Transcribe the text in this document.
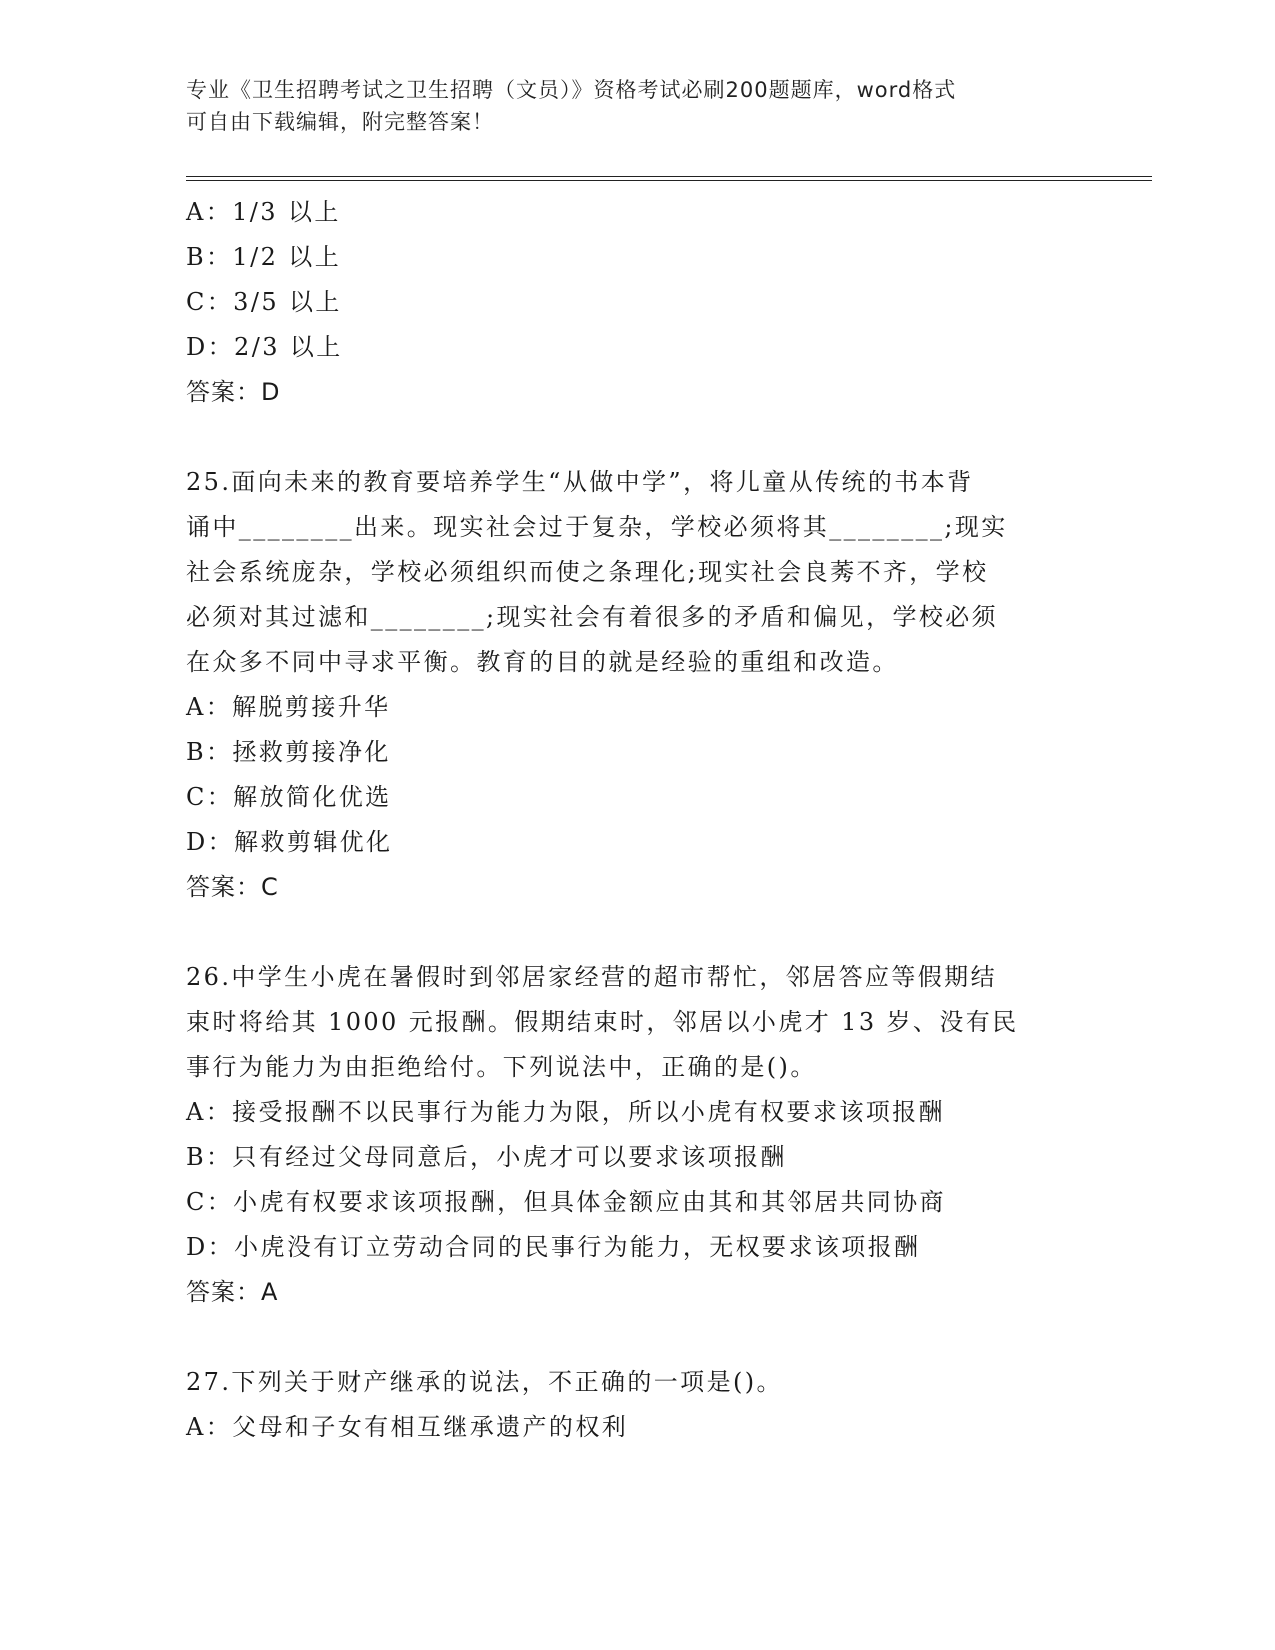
专业《卫生招聘考试之卫生招聘（文员）》资格考试必刷200题题库，word格式
可自由下载编辑，附完整答案！
A：1/3 以上
B：1/2 以上
C：3/5 以上
D：2/3 以上
答案：D
25.面向未来的教育要培养学生“从做中学”，将儿童从传统的书本背
诵中________出来。现实社会过于复杂，学校必须将其________;现实
社会系统庞杂，学校必须组织而使之条理化;现实社会良莠不齐，学校
必须对其过滤和________;现实社会有着很多的矛盾和偏见，学校必须
在众多不同中寻求平衡。教育的目的就是经验的重组和改造。
A：解脱剪接升华
B：拯救剪接净化
C：解放简化优选
D：解救剪辑优化
答案：C
26.中学生小虎在暑假时到邻居家经营的超市帮忙，邻居答应等假期结
束时将给其 1000 元报酬。假期结束时，邻居以小虎才 13 岁、没有民
事行为能力为由拒绝给付。下列说法中，正确的是()。
A：接受报酬不以民事行为能力为限，所以小虎有权要求该项报酬
B：只有经过父母同意后，小虎才可以要求该项报酬
C：小虎有权要求该项报酬，但具体金额应由其和其邻居共同协商
D：小虎没有订立劳动合同的民事行为能力，无权要求该项报酬
答案：A
27.下列关于财产继承的说法，不正确的一项是()。
A：父母和子女有相互继承遗产的权利
